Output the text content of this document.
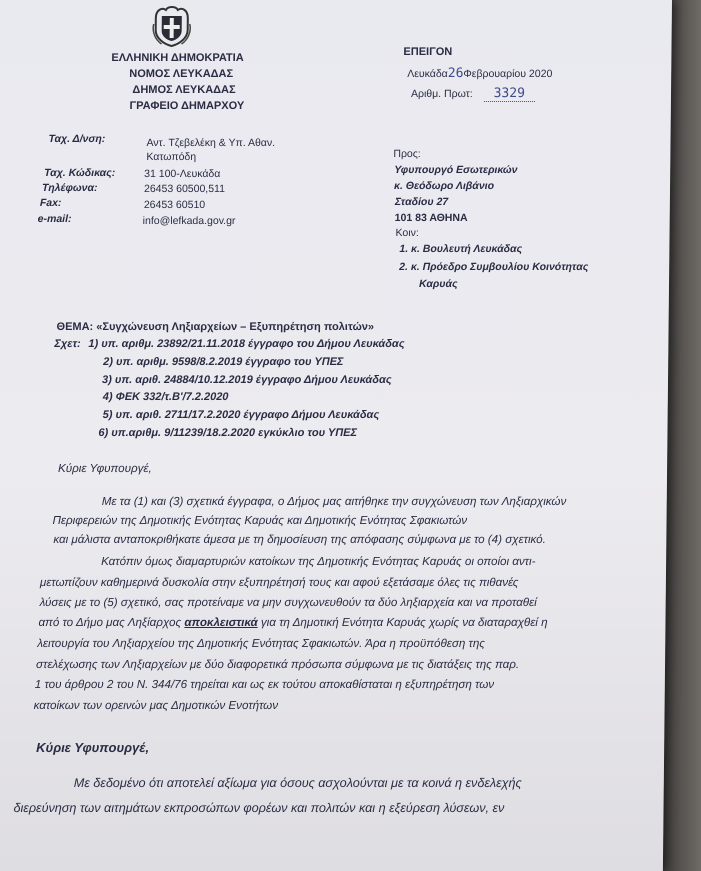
ΕΛΛΗΝΙΚΗ ΔΗΜΟΚΡΑΤΙΑ
ΝΟΜΟΣ ΛΕΥΚΑΔΑΣ
ΔΗΜΟΣ ΛΕΥΚΑΔΑΣ
ΓΡΑΦΕΙΟ ΔΗΜΑΡΧΟΥ
ΕΠΕΙΓΟΝ
Λευκάδα26Φεβρουαρίου 2020
Αριθμ. Πρωτ: 3329
Ταχ. Δ/νση:	Αντ. Τζεβελέκη & Υπ. Αθαν.
Κατωπόδη
Ταχ. Κώδικας:	31 100-Λευκάδα
Τηλέφωνα:	26453 60500,511
Fax:	26453 60510
e-mail:	info@lefkada.gov.gr
Προς:
Υφυπουργό Εσωτερικών
κ. Θεόδωρο Λιβάνιο
Σταδίου 27
101 83 ΑΘΗΝΑ
Κοιν:
1. κ. Βουλευτή Λευκάδας
2. κ. Πρόεδρο Συμβουλίου Κοινότητας
Καρυάς
ΘΕΜΑ: «Συγχώνευση Ληξιαρχείων – Εξυπηρέτηση πολιτών»
Σχετ: 1) υπ. αριθμ. 23892/21.11.2018 έγγραφο του Δήμου Λευκάδας
2) υπ. αριθμ. 9598/8.2.2019 έγγραφο του ΥΠΕΣ
3) υπ. αριθ. 24884/10.12.2019 έγγραφο Δήμου Λευκάδας
4) ΦΕΚ 332/τ.Β'/7.2.2020
5) υπ. αριθ. 2711/17.2.2020 έγγραφο Δήμου Λευκάδας
6) υπ.αριθμ. 9/11239/18.2.2020 εγκύκλιο του ΥΠΕΣ
Κύριε Υφυπουργέ,
Με τα (1) και (3) σχετικά έγγραφα, ο Δήμος μας αιτήθηκε την συγχώνευση των Ληξιαρχικών
Περιφερειών της Δημοτικής Ενότητας Καρυάς και Δημοτικής Ενότητας Σφακιωτών
και μάλιστα ανταποκριθήκατε άμεσα με τη δημοσίευση της απόφασης σύμφωνα με το (4) σχετικό.
Κατόπιν όμως διαμαρτυριών κατοίκων της Δημοτικής Ενότητας Καρυάς οι οποίοι αντι-
μετωπίζουν καθημερινά δυσκολία στην εξυπηρέτησή τους και αφού εξετάσαμε όλες τις πιθανές
λύσεις με το (5) σχετικό, σας προτείναμε να μην συγχωνευθούν τα δύο ληξιαρχεία και να προταθεί
από το Δήμο μας Ληξίαρχος αποκλειστικά για τη Δημοτική Ενότητα Καρυάς χωρίς να διαταραχθεί η
λειτουργία του Ληξιαρχείου της Δημοτικής Ενότητας Σφακιωτών. Άρα η προϋπόθεση της
στελέχωσης των Ληξιαρχείων με δύο διαφορετικά πρόσωπα σύμφωνα με τις διατάξεις της παρ.
1 του άρθρου 2 του Ν. 344/76 τηρείται και ως εκ τούτου αποκαθίσταται η εξυπηρέτηση των
κατοίκων των ορεινών μας Δημοτικών Ενοτήτων
Κύριε Υφυπουργέ,
Με δεδομένο ότι αποτελεί αξίωμα για όσους ασχολούνται με τα κοινά η ενδελεχής
διερεύνηση των αιτημάτων εκπροσώπων φορέων και πολιτών και η εξεύρεση λύσεων, εν
